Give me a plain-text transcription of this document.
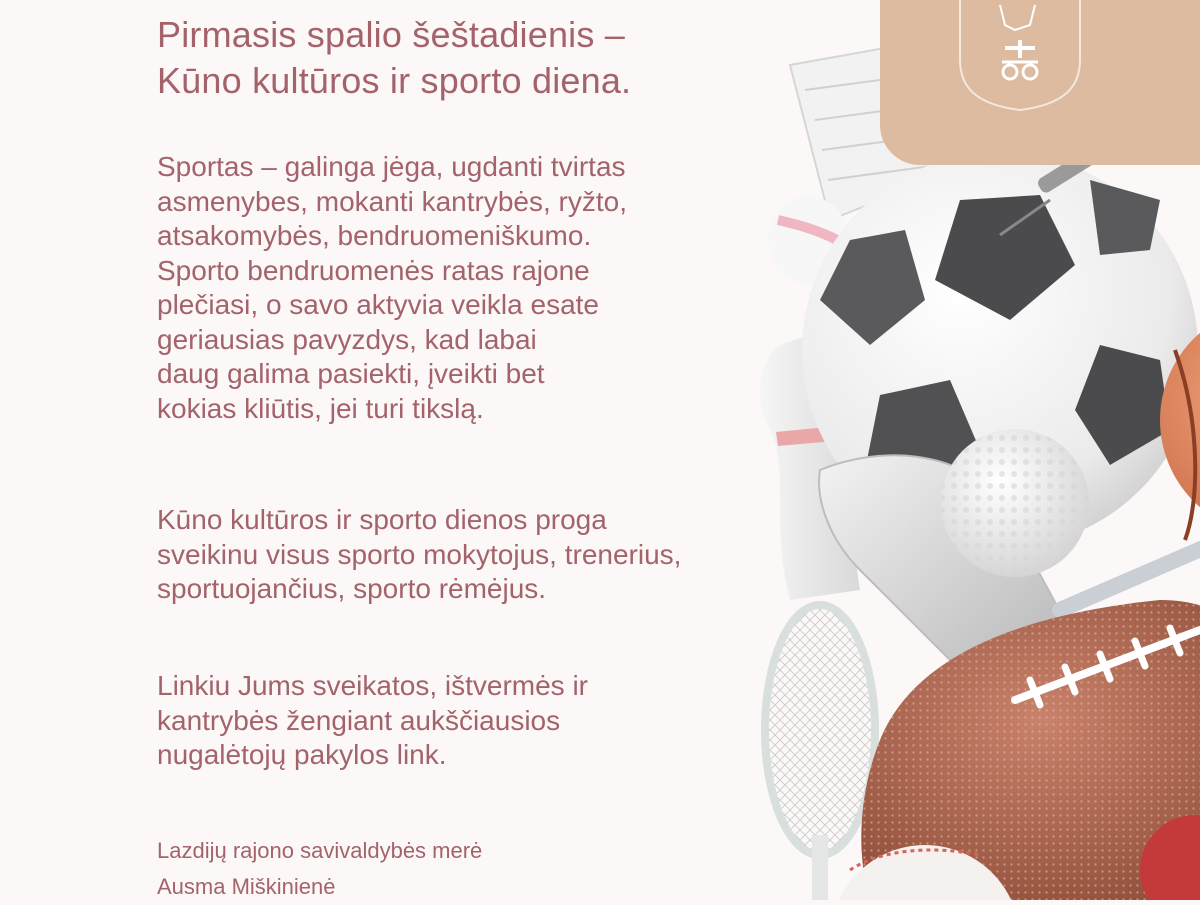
Pirmasis spalio šeštadienis –
Kūno kultūros ir sporto diena.

Sportas – galinga jėga, ugdanti tvirtas
asmenybes, mokanti kantrybės, ryžto,
atsakomybės, bendruomeniškumo.
Sporto bendruomenės ratas rajone
plečiasi, o savo aktyvia veikla esate
geriausias pavyzdys, kad labai
daug galima pasiekti, įveikti bet
kokias kliūtis, jei turi tikslą.

Kūno kultūros ir sporto dienos proga
sveikinu visus sporto mokytojus, trenerius,
sportuojančius, sporto rėmėjus.

Linkiu Jums sveikatos, ištvermės ir
kantrybės žengiant aukščiausios
nugalėtojų pakylos link.

Lazdijų rajono savivaldybės merė

Ausma Miškinienė
